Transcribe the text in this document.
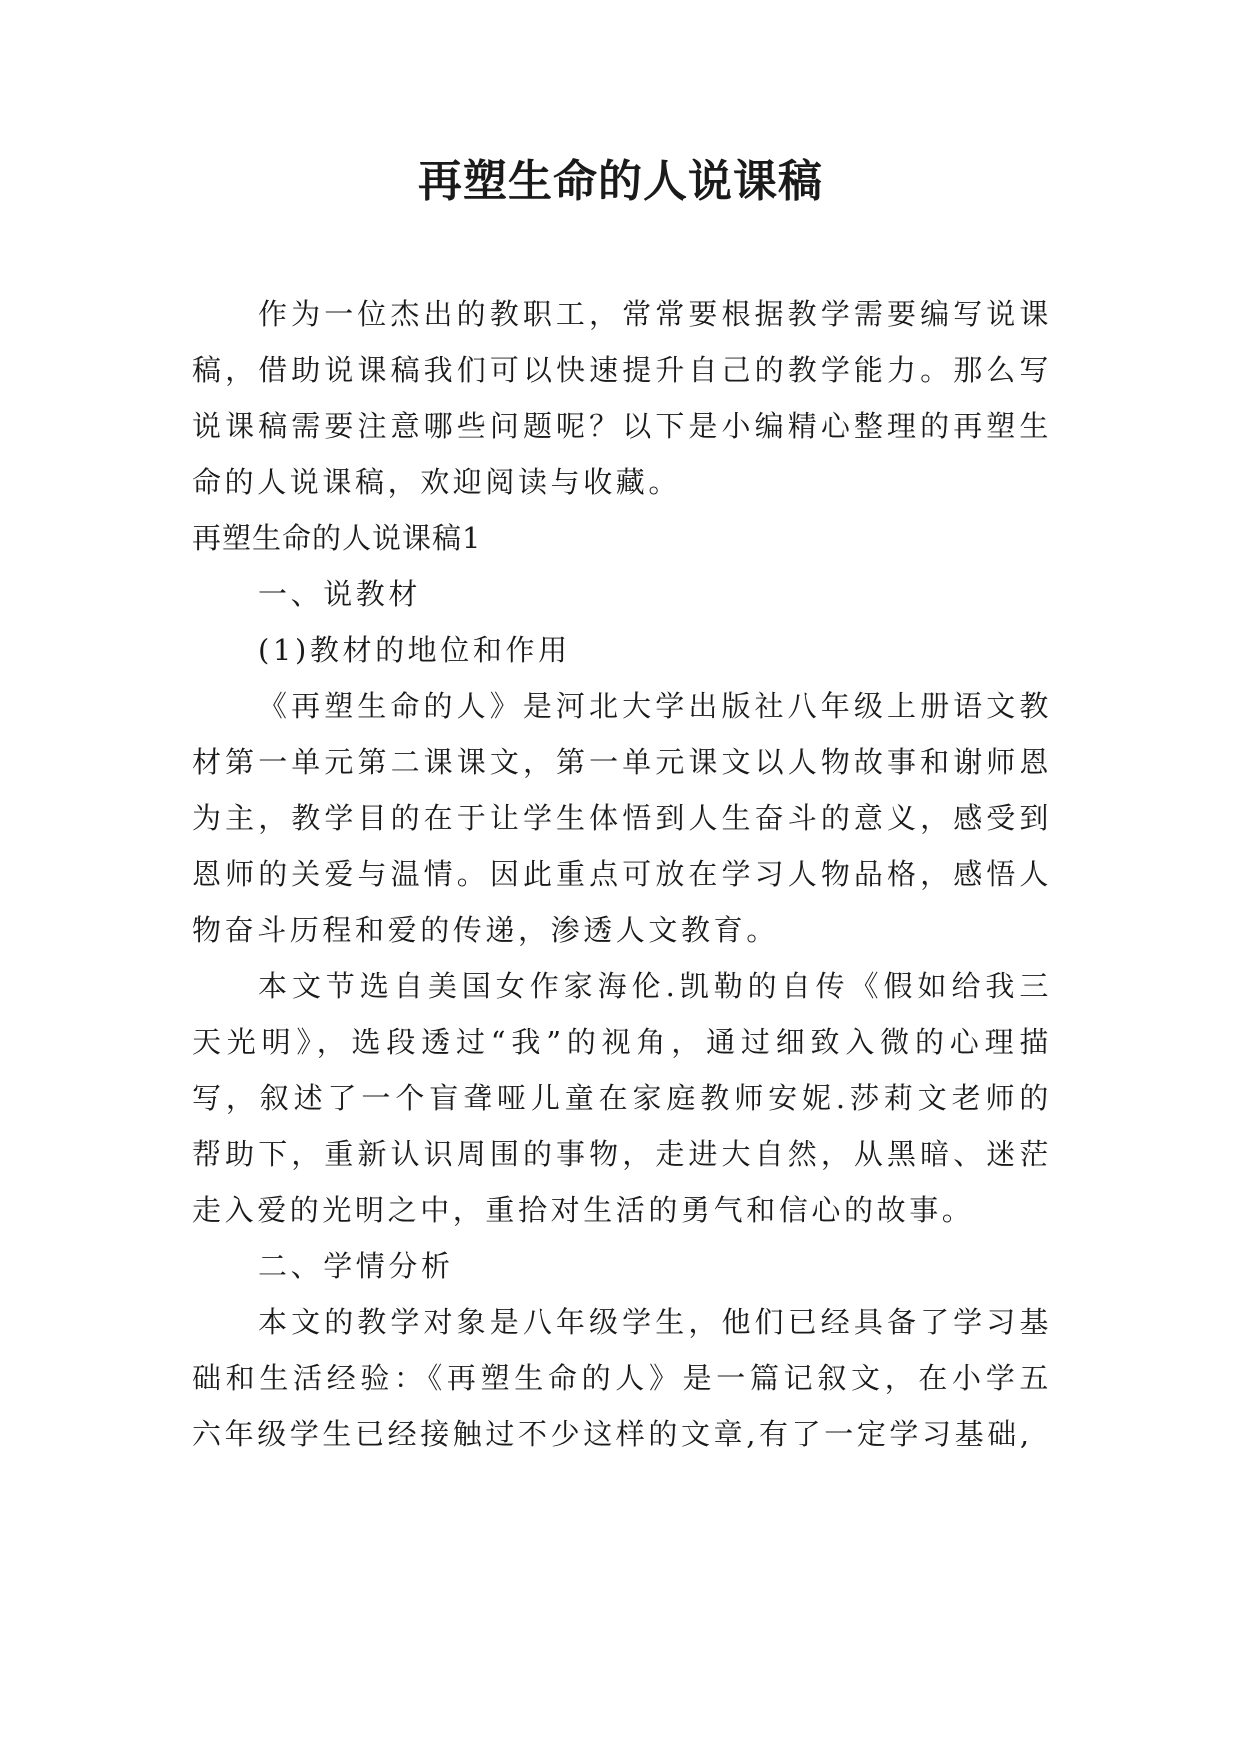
再塑生命的人说课稿

作为一位杰出的教职工，常常要根据教学需要编写说课稿，借助说课稿我们可以快速提升自己的教学能力。那么写说课稿需要注意哪些问题呢？以下是小编精心整理的再塑生命的人说课稿，欢迎阅读与收藏。

再塑生命的人说课稿1

一、说教材

(1)教材的地位和作用

《再塑生命的人》是河北大学出版社八年级上册语文教材第一单元第二课课文，第一单元课文以人物故事和谢师恩为主，教学目的在于让学生体悟到人生奋斗的意义，感受到恩师的关爱与温情。因此重点可放在学习人物品格，感悟人物奋斗历程和爱的传递，渗透人文教育。

本文节选自美国女作家海伦.凯勒的自传《假如给我三天光明》，选段透过“我”的视角，通过细致入微的心理描写，叙述了一个盲聋哑儿童在家庭教师安妮.莎莉文老师的帮助下，重新认识周围的事物，走进大自然，从黑暗、迷茫走入爱的光明之中，重拾对生活的勇气和信心的故事。

二、学情分析

本文的教学对象是八年级学生，他们已经具备了学习基础和生活经验：《再塑生命的人》是一篇记叙文，在小学五六年级学生已经接触过不少这样的文章,有了一定学习基础,
